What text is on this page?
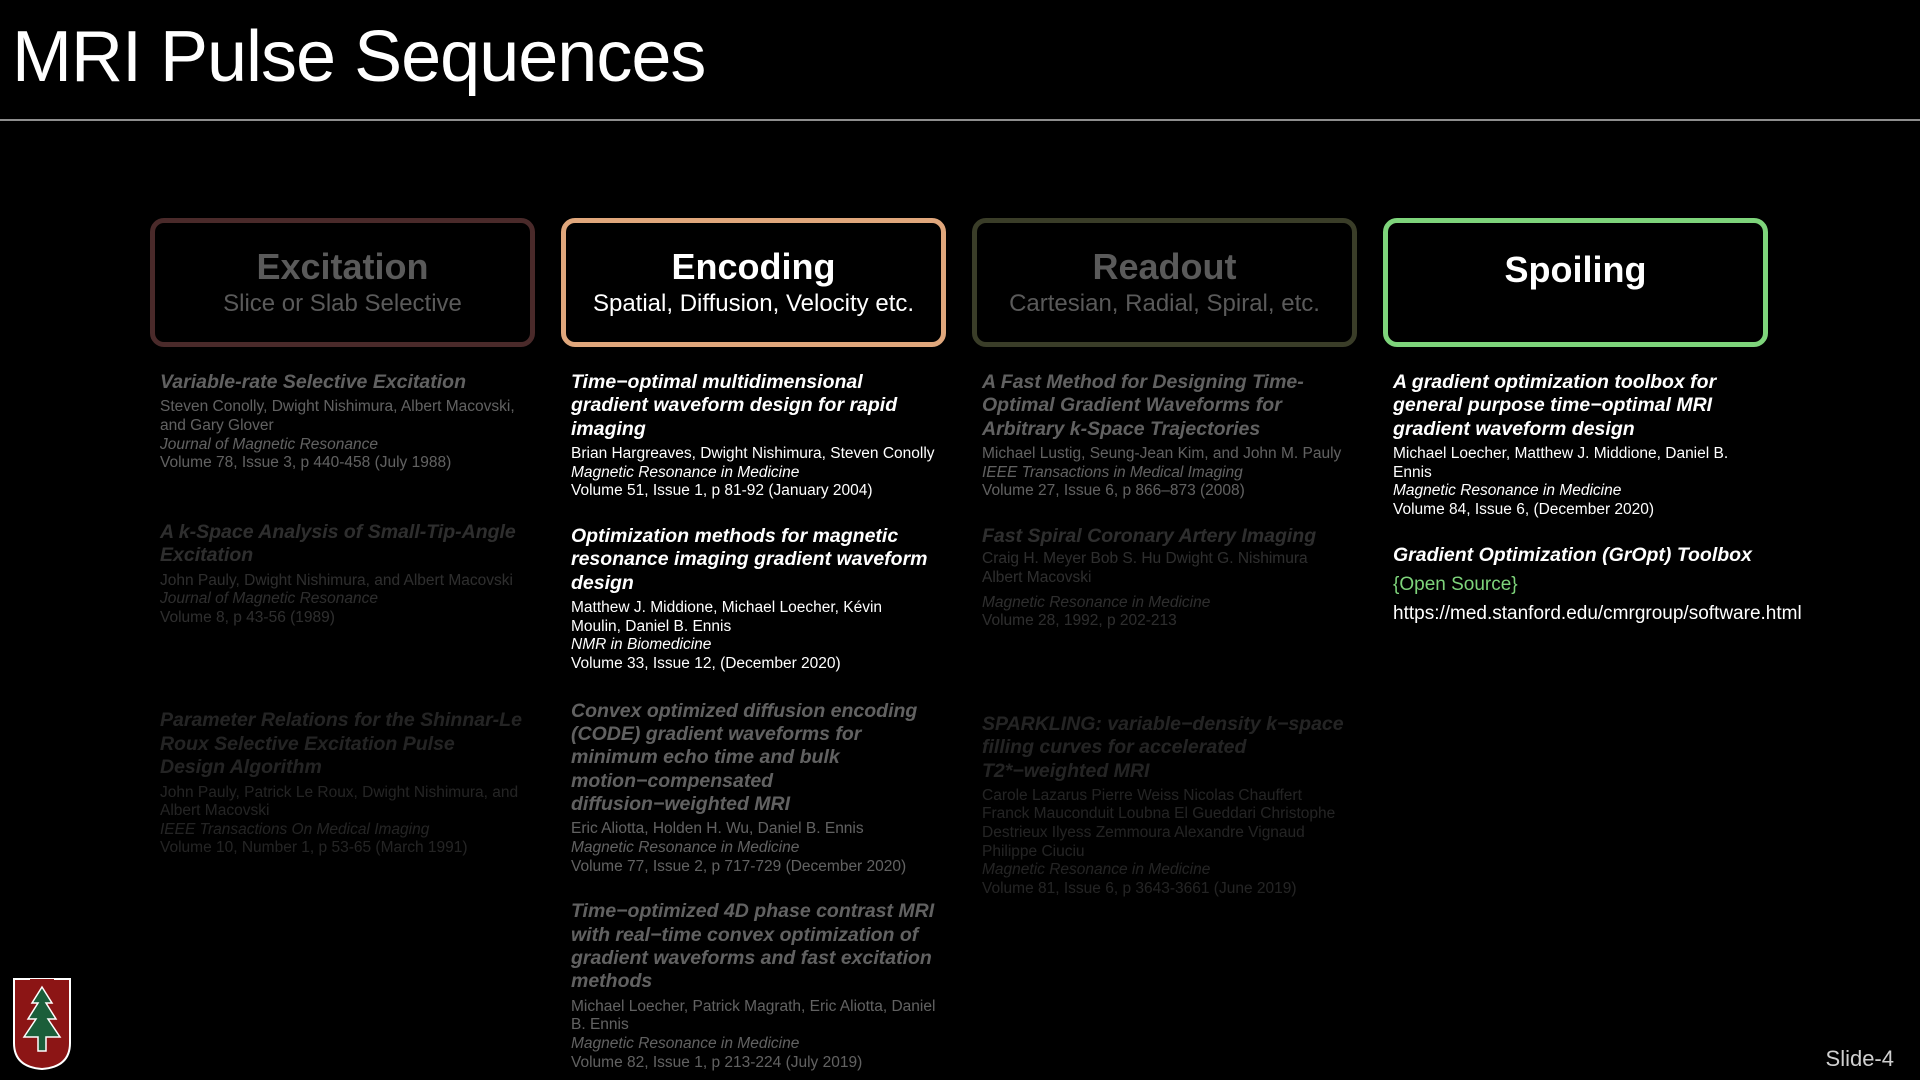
MRI Pulse Sequences
Excitation
Slice or Slab Selective
Variable-rate Selective Excitation
Steven Conolly, Dwight Nishimura, Albert Macovski, and Gary Glover
Journal of Magnetic Resonance
Volume 78, Issue 3, p 440-458 (July 1988)
A k-Space Analysis of Small-Tip-Angle Excitation
John Pauly, Dwight Nishimura, and Albert Macovski
Journal of Magnetic Resonance
Volume 8, p 43-56 (1989)
Parameter Relations for the Shinnar-Le Roux Selective Excitation Pulse Design Algorithm
John Pauly, Patrick Le Roux, Dwight Nishimura, and Albert Macovski
IEEE Transactions On Medical Imaging
Volume 10, Number 1, p 53-65 (March 1991)
Encoding
Spatial, Diffusion, Velocity etc.
Time−optimal multidimensional gradient waveform design for rapid imaging
Brian Hargreaves, Dwight Nishimura, Steven Conolly
Magnetic Resonance in Medicine
Volume 51, Issue 1, p 81-92 (January 2004)
Optimization methods for magnetic resonance imaging gradient waveform design
Matthew J. Middione, Michael Loecher, Kévin Moulin, Daniel B. Ennis
NMR in Biomedicine
Volume 33, Issue 12, (December 2020)
Convex optimized diffusion encoding (CODE) gradient waveforms for minimum echo time and bulk motion−compensated diffusion−weighted MRI
Eric Aliotta, Holden H. Wu, Daniel B. Ennis
Magnetic Resonance in Medicine
Volume 77, Issue 2, p 717-729 (December 2020)
Time−optimized 4D phase contrast MRI with real−time convex optimization of gradient waveforms and fast excitation methods
Michael Loecher, Patrick Magrath, Eric Aliotta, Daniel B. Ennis
Magnetic Resonance in Medicine
Volume 82, Issue 1, p 213-224 (July 2019)
Readout
Cartesian, Radial, Spiral, etc.
A Fast Method for Designing Time-Optimal Gradient Waveforms for Arbitrary k-Space Trajectories
Michael Lustig, Seung-Jean Kim, and John M. Pauly
IEEE Transactions in Medical Imaging
Volume 27, Issue 6, p 866–873 (2008)
Fast Spiral Coronary Artery Imaging
Craig H. Meyer Bob S. Hu Dwight G. Nishimura Albert Macovski
Magnetic Resonance in Medicine
Volume 28, 1992, p 202-213
SPARKLING: variable−density k−space filling curves for accelerated T2*−weighted MRI
Carole Lazarus Pierre Weiss Nicolas Chauffert Franck Mauconduit Loubna El Gueddari Christophe Destrieux Ilyess Zemmoura Alexandre Vignaud Philippe Ciuciu
Magnetic Resonance in Medicine
Volume 81, Issue 6, p 3643-3661 (June 2019)
Spoiling
A gradient optimization toolbox for general purpose time−optimal MRI gradient waveform design
Michael Loecher, Matthew J. Middione, Daniel B. Ennis
Magnetic Resonance in Medicine
Volume 84, Issue 6, (December 2020)
Gradient Optimization (GrOpt) Toolbox
{Open Source}
https://med.stanford.edu/cmrgroup/software.html
Slide-4
